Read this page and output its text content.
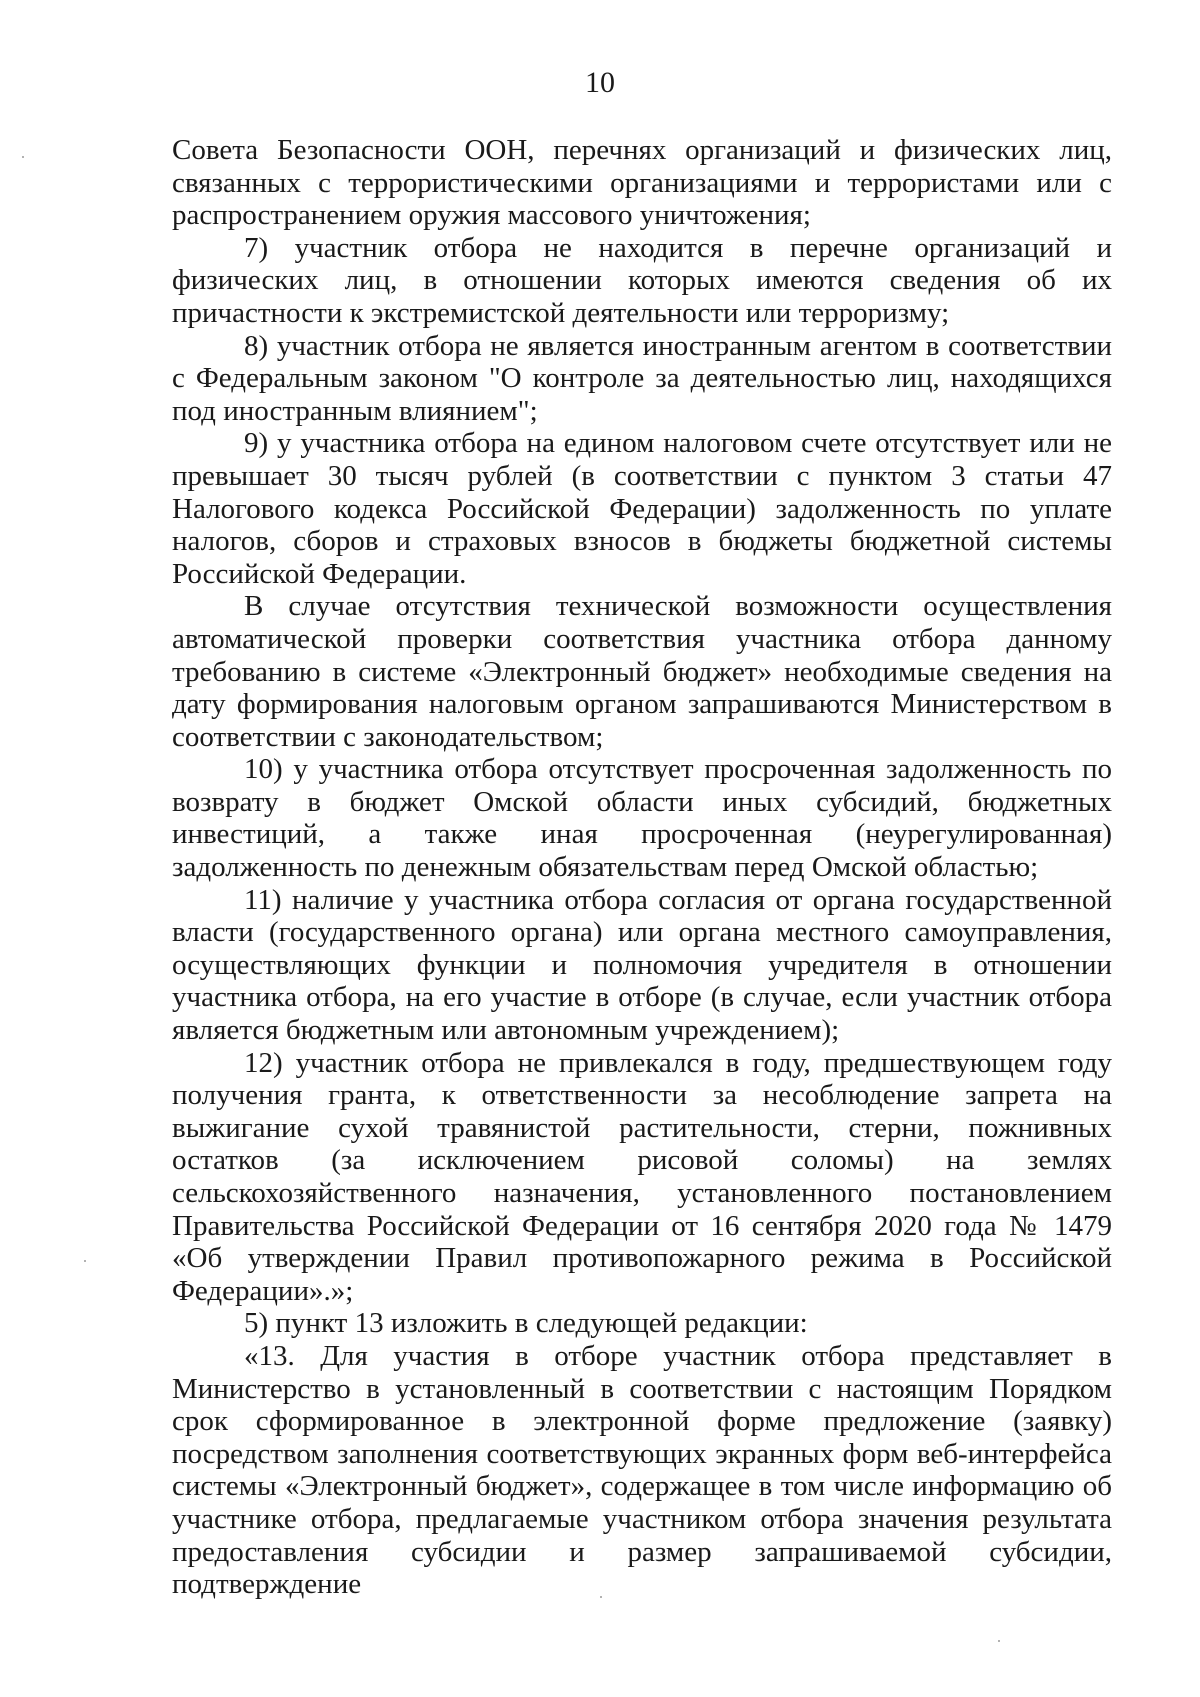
10

Совета Безопасности ООН, перечнях организаций и физических лиц, связанных с террористическими организациями и террористами или с распространением оружия массового уничтожения;

7) участник отбора не находится в перечне организаций и физических лиц, в отношении которых имеются сведения об их причастности к экстремистской деятельности или терроризму;

8) участник отбора не является иностранным агентом в соответствии с Федеральным законом "О контроле за деятельностью лиц, находящихся под иностранным влиянием";

9) у участника отбора на едином налоговом счете отсутствует или не превышает 30 тысяч рублей (в соответствии с пунктом 3 статьи 47 Налогового кодекса Российской Федерации) задолженность по уплате налогов, сборов и страховых взносов в бюджеты бюджетной системы Российской Федерации.

В случае отсутствия технической возможности осуществления автоматической проверки соответствия участника отбора данному требованию в системе «Электронный бюджет» необходимые сведения на дату формирования налоговым органом запрашиваются Министерством в соответствии с законодательством;

10) у участника отбора отсутствует просроченная задолженность по возврату в бюджет Омской области иных субсидий, бюджетных инвестиций, а также иная просроченная (неурегулированная) задолженность по денежным обязательствам перед Омской областью;

11) наличие у участника отбора согласия от органа государственной власти (государственного органа) или органа местного самоуправления, осуществляющих функции и полномочия учредителя в отношении участника отбора, на его участие в отборе (в случае, если участник отбора является бюджетным или автономным учреждением);

12) участник отбора не привлекался в году, предшествующем году получения гранта, к ответственности за несоблюдение запрета на выжигание сухой травянистой растительности, стерни, пожнивных остатков (за исключением рисовой соломы) на землях сельскохозяйственного назначения, установленного постановлением Правительства Российской Федерации от 16 сентября 2020 года № 1479 «Об утверждении Правил противопожарного режима в Российской Федерации».»;

5) пункт 13 изложить в следующей редакции:

«13. Для участия в отборе участник отбора представляет в Министерство в установленный в соответствии с настоящим Порядком срок сформированное в электронной форме предложение (заявку) посредством заполнения соответствующих экранных форм веб-интерфейса системы «Электронный бюджет», содержащее в том числе информацию об участнике отбора, предлагаемые участником отбора значения результата предоставления субсидии и размер запрашиваемой субсидии, подтверждение
